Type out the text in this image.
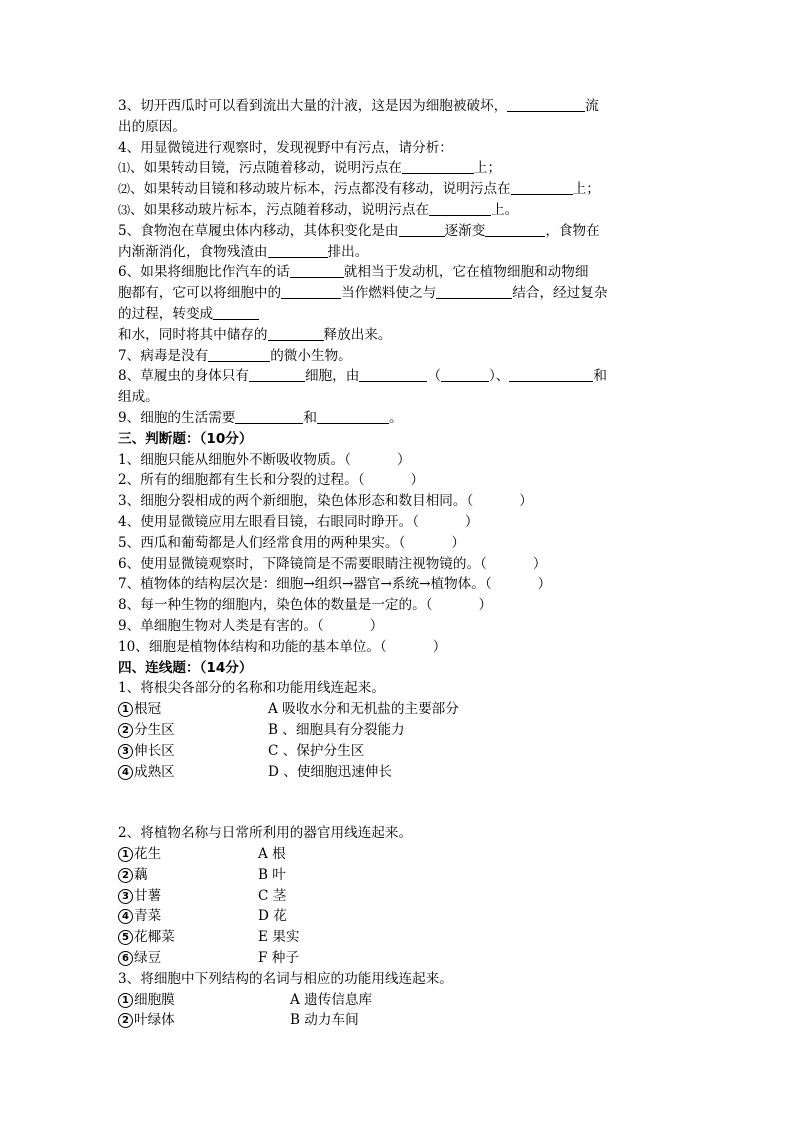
3、切开西瓜时可以看到流出大量的汁液，这是因为细胞被破坏，	流
出的原因。
4、用显微镜进行观察时，发现视野中有污点，请分析：
⑴、如果转动目镜，污点随着移动，说明污点在	上；
⑵、如果转动目镜和移动玻片标本，污点都没有移动，说明污点在	上；
⑶、如果移动玻片标本，污点随着移动，说明污点在	上。
5、食物泡在草履虫体内移动，其体积变化是由	逐渐变	，食物在
内渐渐消化，食物残渣由	排出。
6、如果将细胞比作汽车的话	就相当于发动机，它在植物细胞和动物细
胞都有，它可以将细胞中的	当作燃料使之与	结合，经过复杂
的过程，转变成
和水，同时将其中储存的	释放出来。
7、病毒是没有	的微小生物。
8、草履虫的身体只有	细胞，由	（	）、	和
组成。
9、细胞的生活需要	和	。
三、判断题：（10分）
1、细胞只能从细胞外不断吸收物质。（	）
2、所有的细胞都有生长和分裂的过程。（	）
3、细胞分裂相成的两个新细胞，染色体形态和数目相同。（	）
4、使用显微镜应用左眼看目镜，右眼同时睁开。（	）
5、西瓜和葡萄都是人们经常食用的两种果实。（	）
6、使用显微镜观察时，下降镜筒是不需要眼睛注视物镜的。（	）
7、植物体的结构层次是：细胞→组织→器官→系统→植物体。（	）
8、每一种生物的细胞内，染色体的数量是一定的。（	）
9、单细胞生物对人类是有害的。（	）
10、细胞是植物体结构和功能的基本单位。（	）
四、连线题：（14分）
1、将根尖各部分的名称和功能用线连起来。
1 根冠	A 吸收水分和无机盐的主要部分
2 分生区	B 、细胞具有分裂能力
3 伸长区	C 、保护分生区
4 成熟区	D 、使细胞迅速伸长
2、将植物名称与日常所利用的器官用线连起来。
1 花生	A 根
2 藕	B 叶
3 甘薯	C 茎
4 青菜	D 花
5 花椰菜	E 果实
6 绿豆	F 种子
3、将细胞中下列结构的名词与相应的功能用线连起来。
1 细胞膜	A 遗传信息库
2 叶绿体	B 动力车间
